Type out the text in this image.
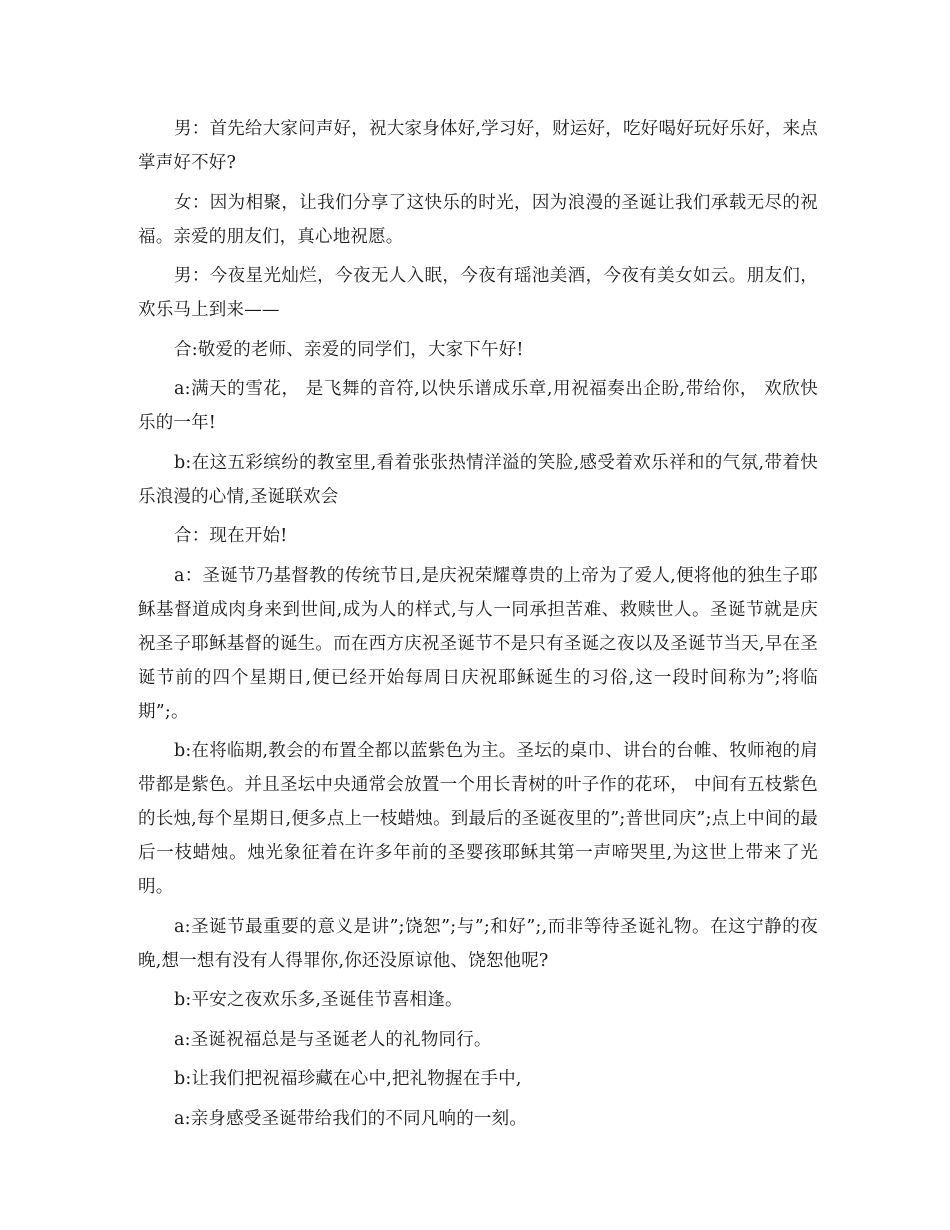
男：首先给大家问声好，祝大家身体好,学习好，财运好，吃好喝好玩好乐好，来点掌声好不好?

女：因为相聚，让我们分享了这快乐的时光，因为浪漫的圣诞让我们承载无尽的祝福。亲爱的朋友们，真心地祝愿。

男：今夜星光灿烂，今夜无人入眠，今夜有瑶池美酒，今夜有美女如云。朋友们，欢乐马上到来——

合:敬爱的老师、亲爱的同学们，大家下午好!

a:满天的雪花， 是飞舞的音符,以快乐谱成乐章,用祝福奏出企盼,带给你， 欢欣快乐的一年!

b:在这五彩缤纷的教室里,看着张张热情洋溢的笑脸,感受着欢乐祥和的气氛,带着快乐浪漫的心情,圣诞联欢会

合：现在开始!

a：圣诞节乃基督教的传统节日,是庆祝荣耀尊贵的上帝为了爱人,便将他的独生子耶稣基督道成肉身来到世间,成为人的样式,与人一同承担苦难、救赎世人。圣诞节就是庆祝圣子耶稣基督的诞生。而在西方庆祝圣诞节不是只有圣诞之夜以及圣诞节当天,早在圣诞节前的四个星期日,便已经开始每周日庆祝耶稣诞生的习俗,这一段时间称为”;将临期”;。

b:在将临期,教会的布置全都以蓝紫色为主。圣坛的桌巾、讲台的台帷、牧师袍的肩带都是紫色。并且圣坛中央通常会放置一个用长青树的叶子作的花环， 中间有五枝紫色的长烛,每个星期日,便多点上一枝蜡烛。到最后的圣诞夜里的”;普世同庆”;点上中间的最后一枝蜡烛。烛光象征着在许多年前的圣婴孩耶稣其第一声啼哭里,为这世上带来了光明。

a:圣诞节最重要的意义是讲”;饶恕”;与”;和好”;,而非等待圣诞礼物。在这宁静的夜晚,想一想有没有人得罪你,你还没原谅他、饶恕他呢?

b:平安之夜欢乐多,圣诞佳节喜相逢。

a:圣诞祝福总是与圣诞老人的礼物同行。

b:让我们把祝福珍藏在心中,把礼物握在手中,

a:亲身感受圣诞带给我们的不同凡响的一刻。
